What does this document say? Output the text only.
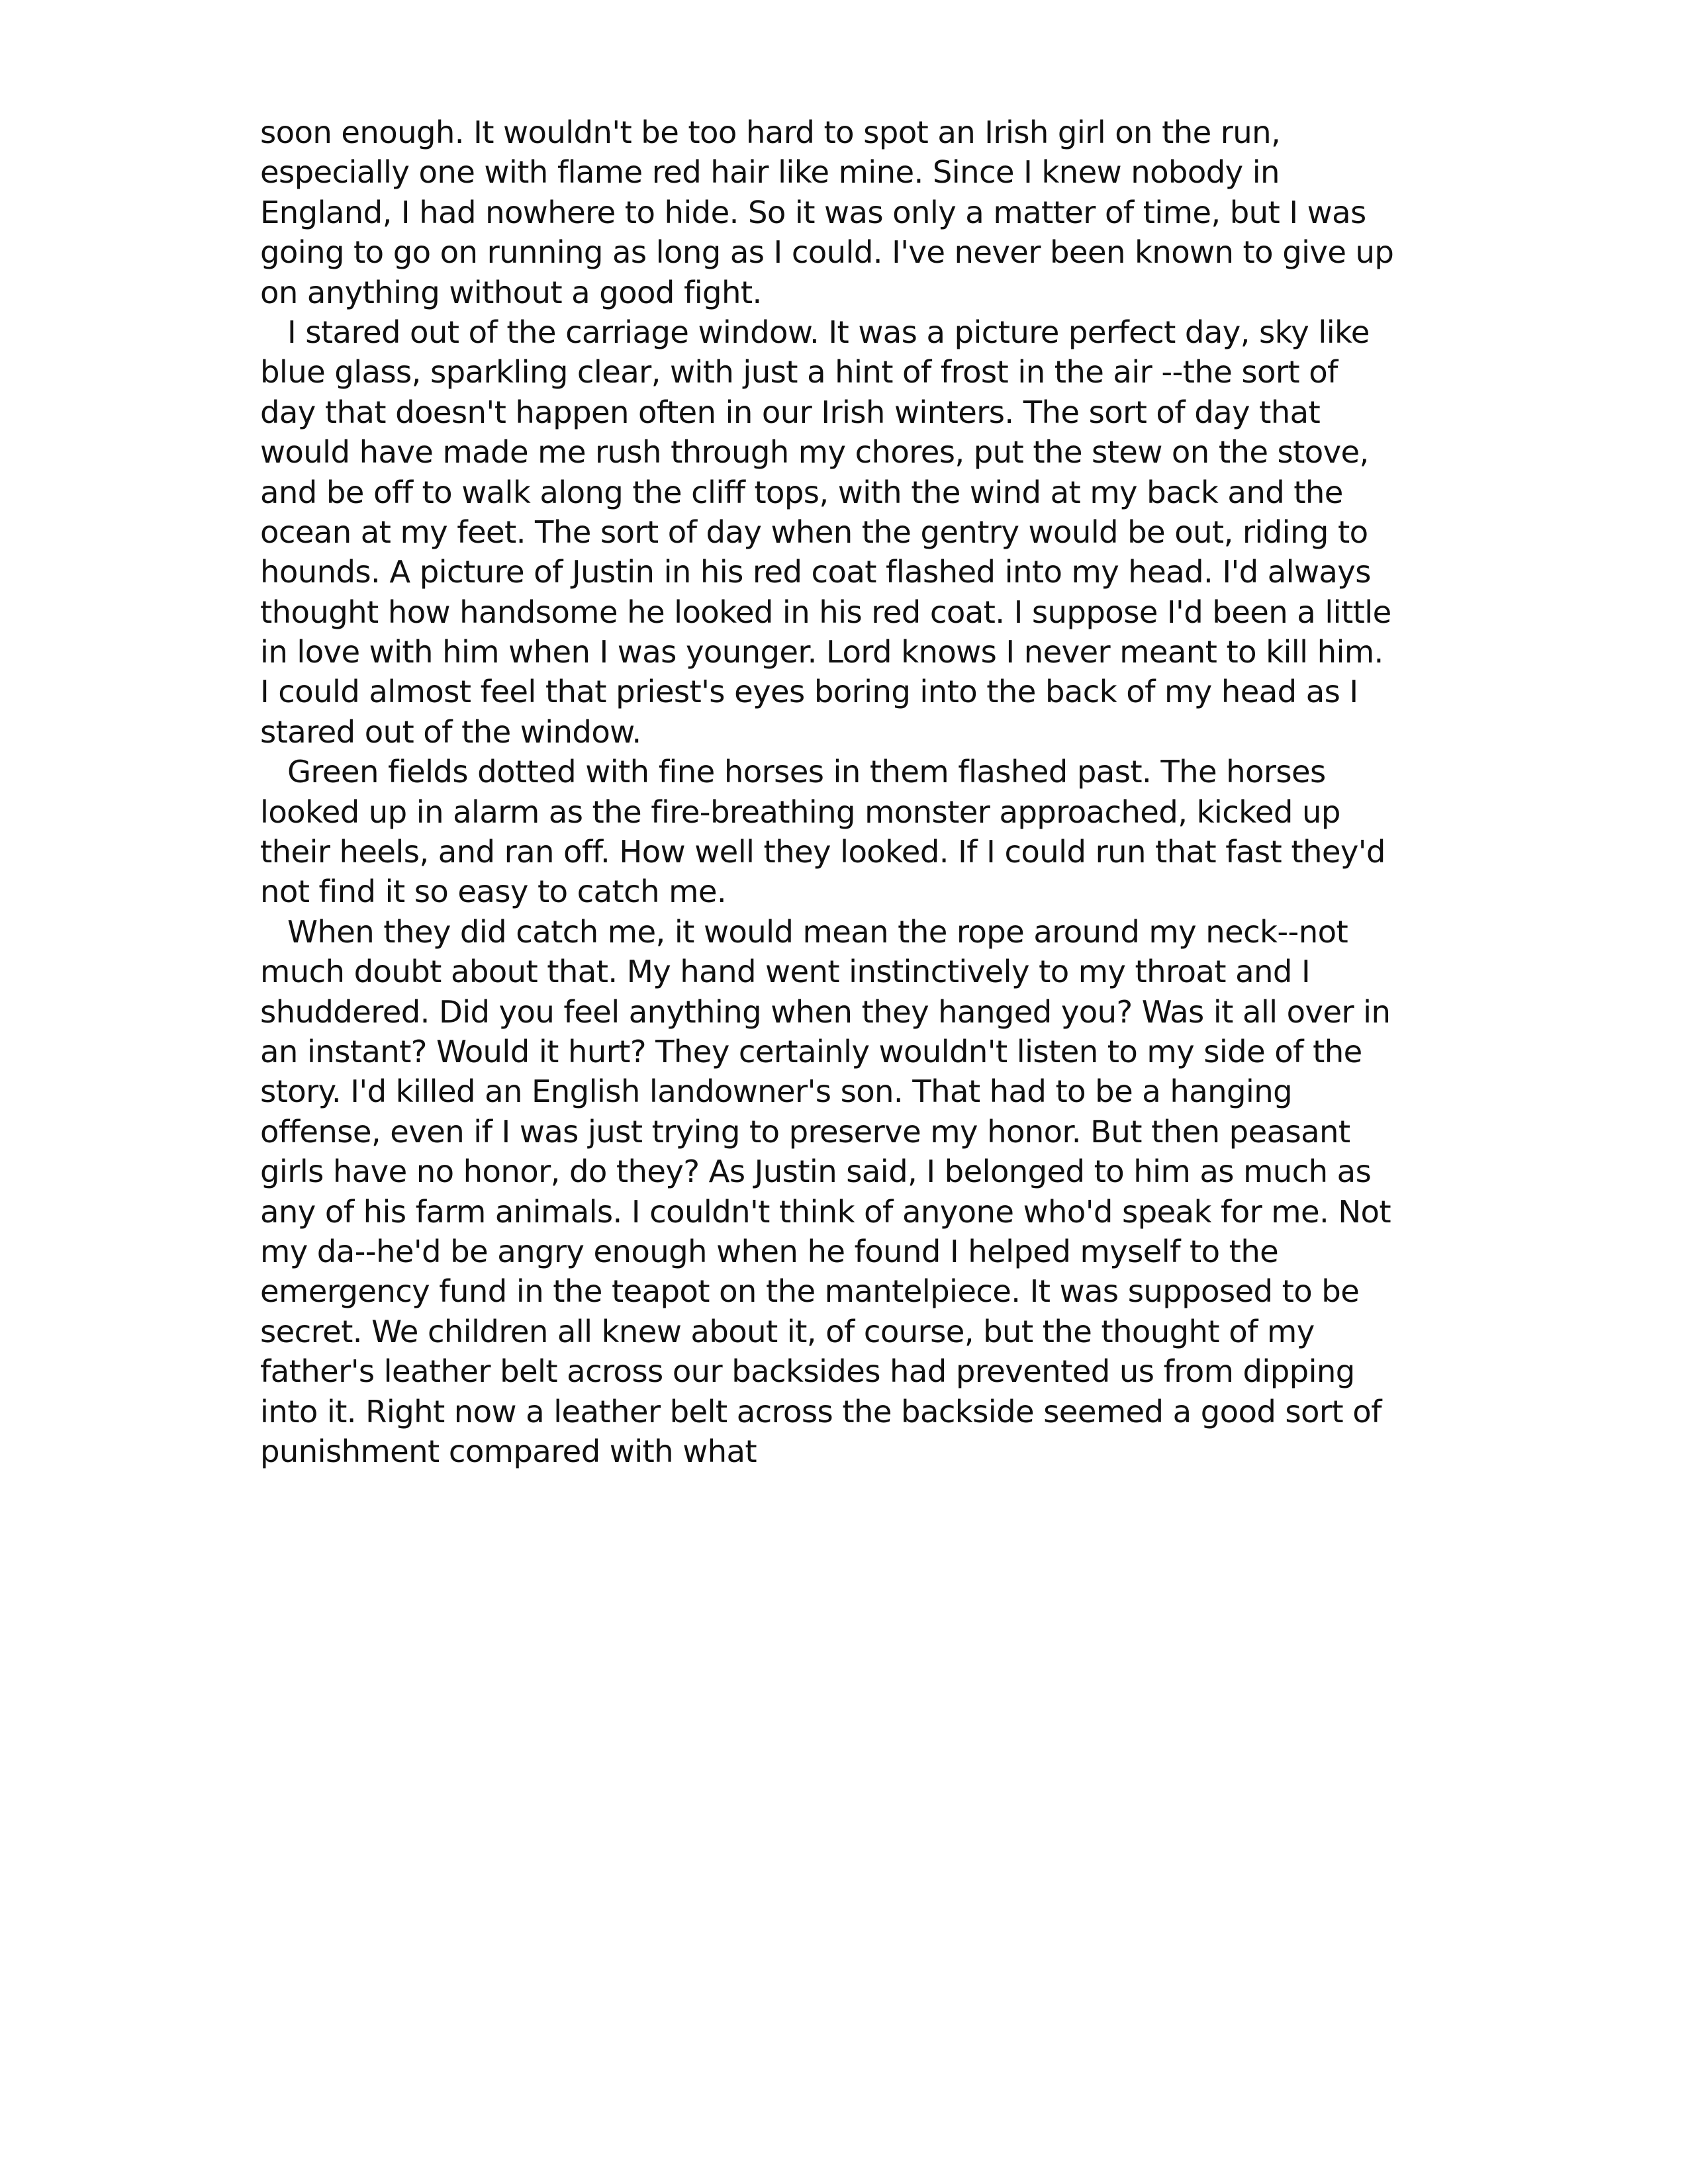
soon enough. It wouldn't be too hard to spot an Irish girl on the run,
especially one with flame red hair like mine. Since I knew nobody in
England, I had nowhere to hide. So it was only a matter of time, but I was
going to go on running as long as I could. I've never been known to give up
on anything without a good fight.
I stared out of the carriage window. It was a picture perfect day, sky like
blue glass, sparkling clear, with just a hint of frost in the air --the sort of
day that doesn't happen often in our Irish winters. The sort of day that
would have made me rush through my chores, put the stew on the stove,
and be off to walk along the cliff tops, with the wind at my back and the
ocean at my feet. The sort of day when the gentry would be out, riding to
hounds. A picture of Justin in his red coat flashed into my head. I'd always
thought how handsome he looked in his red coat. I suppose I'd been a little
in love with him when I was younger. Lord knows I never meant to kill him.
I could almost feel that priest's eyes boring into the back of my head as I
stared out of the window.
Green fields dotted with fine horses in them flashed past. The horses
looked up in alarm as the fire-breathing monster approached, kicked up
their heels, and ran off. How well they looked. If I could run that fast they'd
not find it so easy to catch me.
When they did catch me, it would mean the rope around my neck--not
much doubt about that. My hand went instinctively to my throat and I
shuddered. Did you feel anything when they hanged you? Was it all over in
an instant? Would it hurt? They certainly wouldn't listen to my side of the
story. I'd killed an English landowner's son. That had to be a hanging
offense, even if I was just trying to preserve my honor. But then peasant
girls have no honor, do they? As Justin said, I belonged to him as much as
any of his farm animals. I couldn't think of anyone who'd speak for me. Not
my da--he'd be angry enough when he found I helped myself to the
emergency fund in the teapot on the mantelpiece. It was supposed to be
secret. We children all knew about it, of course, but the thought of my
father's leather belt across our backsides had prevented us from dipping
into it. Right now a leather belt across the backside seemed a good sort of
punishment compared with what
